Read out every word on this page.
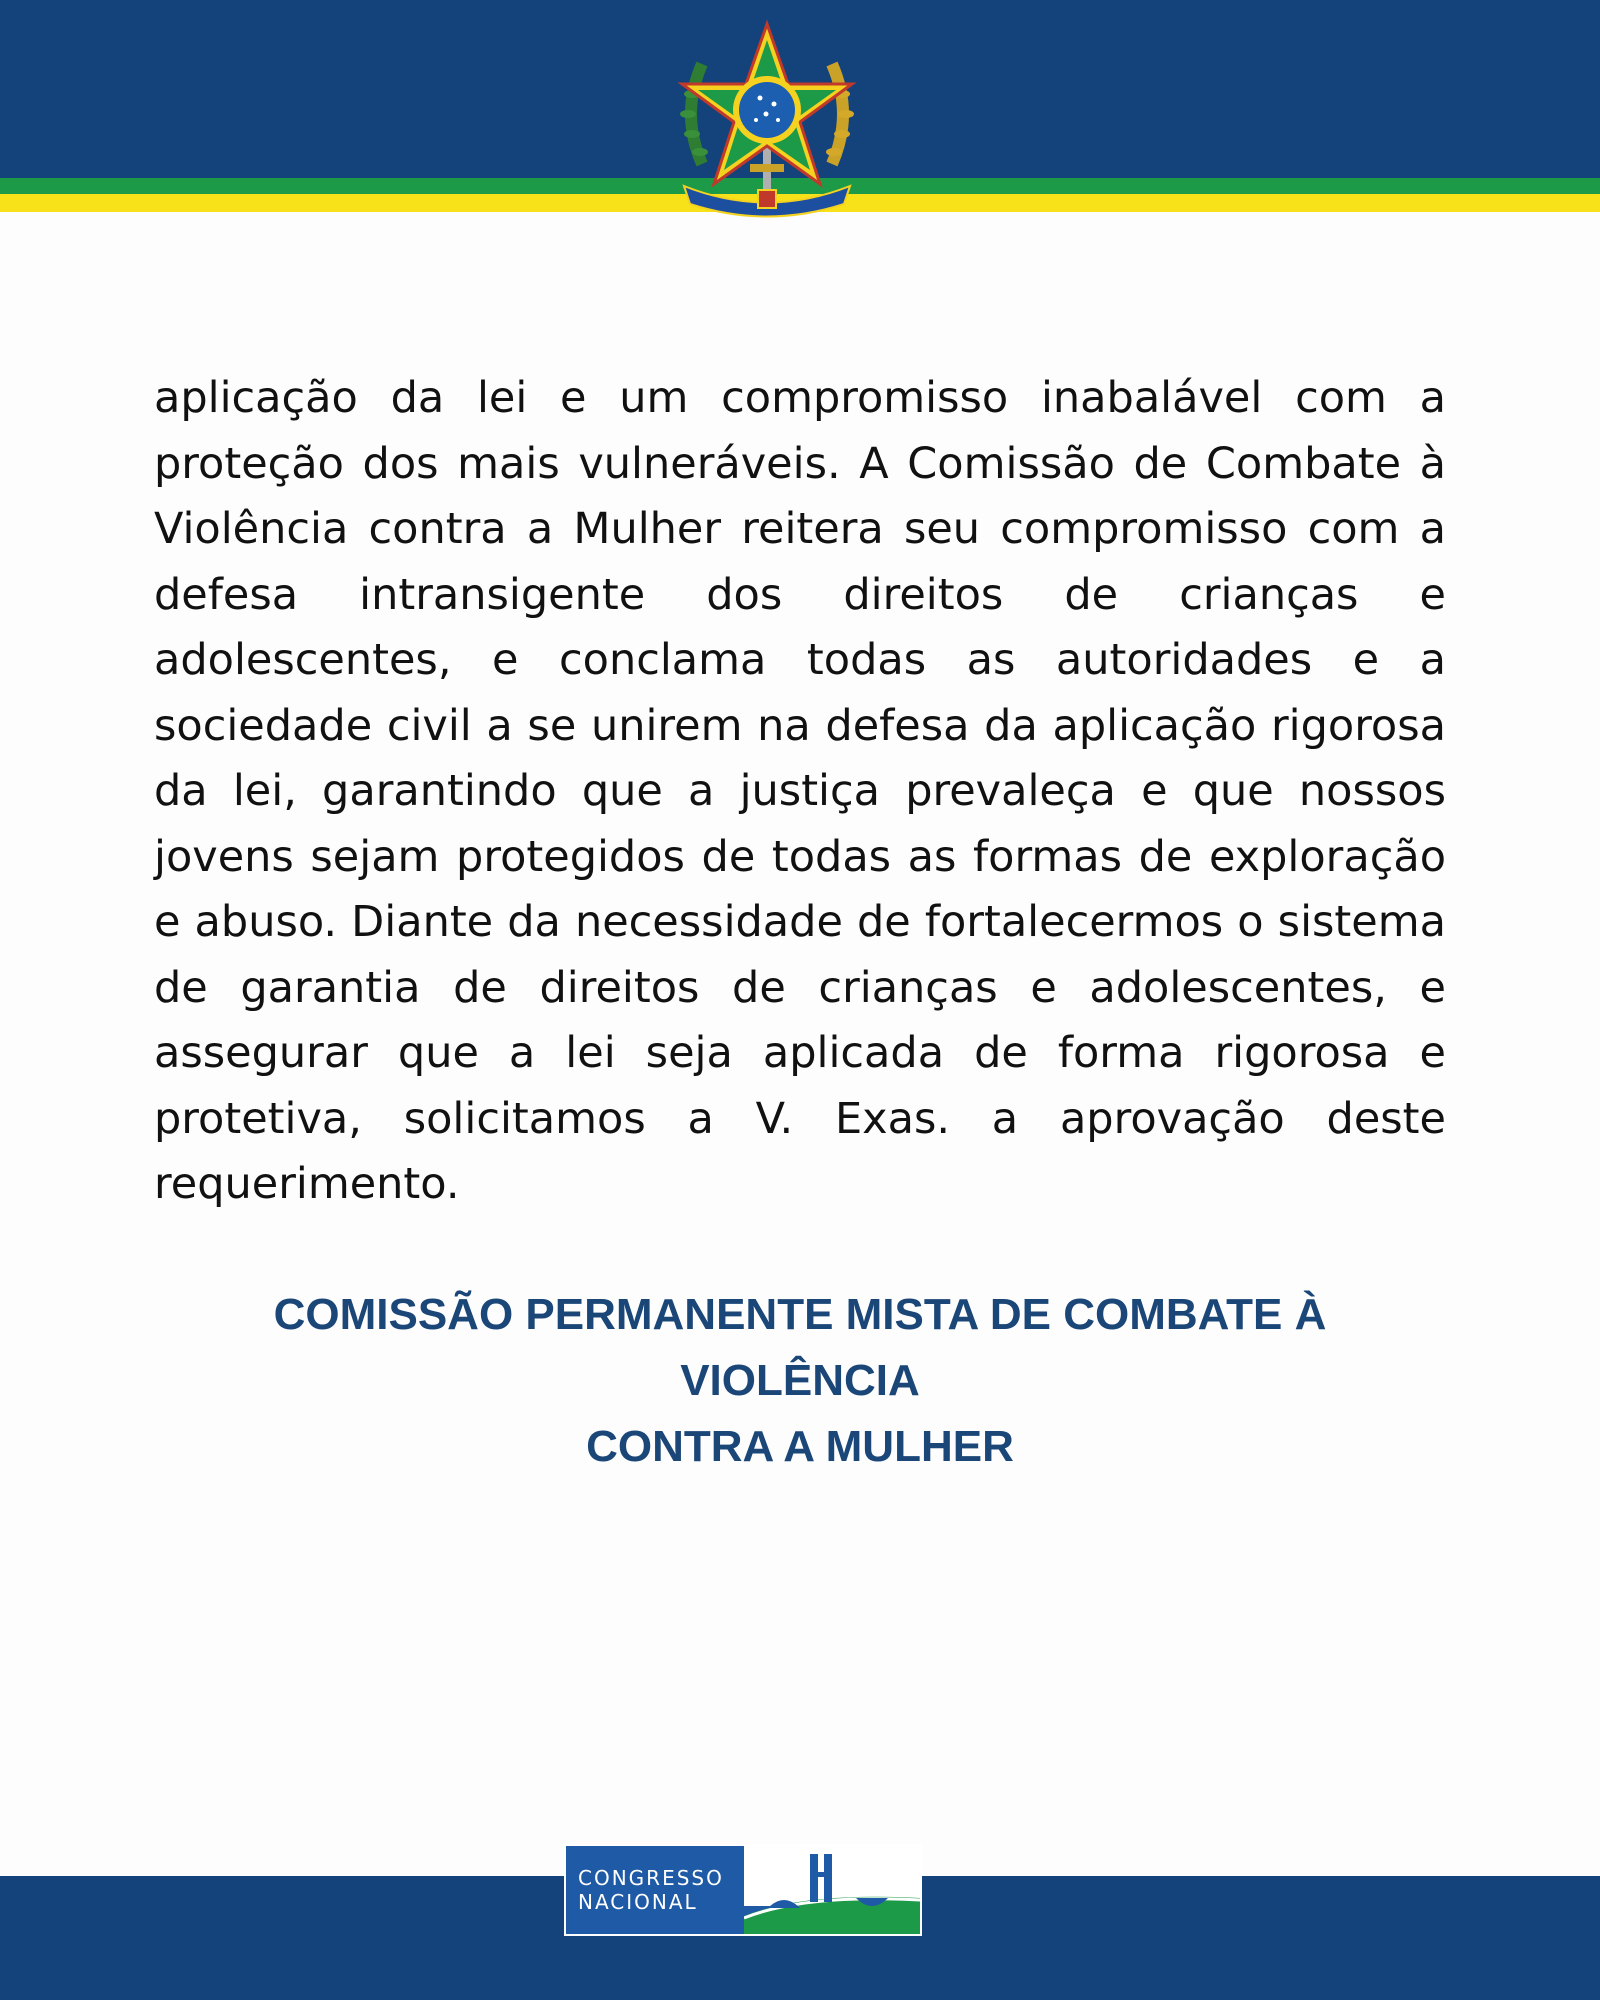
aplicação da lei e um compromisso inabalável com a proteção dos mais vulneráveis. A Comissão de Combate à Violência contra a Mulher reitera seu compromisso com a defesa intransigente dos direitos de crianças e adolescentes, e conclama todas as autoridades e a sociedade civil a se unirem na defesa da aplicação rigorosa da lei, garantindo que a justiça prevaleça e que nossos jovens sejam protegidos de todas as formas de exploração e abuso. Diante da necessidade de fortalecermos o sistema de garantia de direitos de crianças e adolescentes, e assegurar que a lei seja aplicada de forma rigorosa e protetiva, solicitamos a V. Exas. a aprovação deste requerimento.

COMISSÃO PERMANENTE MISTA DE COMBATE À VIOLÊNCIA
CONTRA A MULHER
CONGRESSO
NACIONAL
